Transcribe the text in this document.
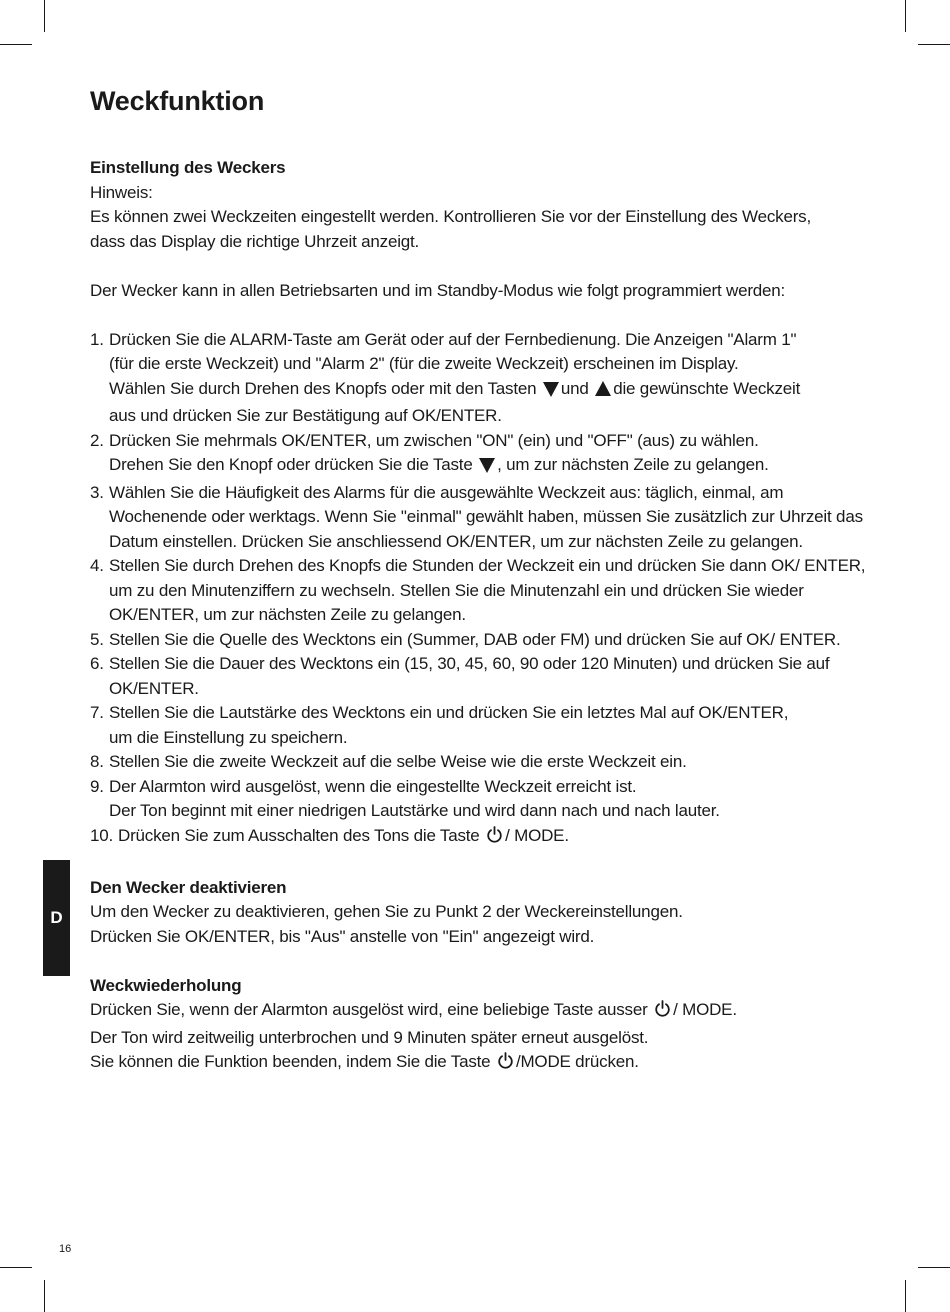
Weckfunktion

Einstellung des Weckers

Hinweis:

Es können zwei Weckzeiten eingestellt werden. Kontrollieren Sie vor der Einstellung des Weckers,

dass das Display die richtige Uhrzeit anzeigt.

Der Wecker kann in allen Betriebsarten und im Standby-Modus wie folgt programmiert werden:

1. Drücken Sie die ALARM-Taste am Gerät oder auf der Fernbedienung. Die Anzeigen "Alarm 1"
(für die erste Weckzeit) und "Alarm 2" (für die zweite Weckzeit) erscheinen im Display.
Wählen Sie durch Drehen des Knopfs oder mit den Tasten und die gewünschte Weckzeit
aus und drücken Sie zur Bestätigung auf OK/ENTER.
2. Drücken Sie mehrmals OK/ENTER, um zwischen "ON" (ein) und "OFF" (aus) zu wählen.
Drehen Sie den Knopf oder drücken Sie die Taste , um zur nächsten Zeile zu gelangen.
3. Wählen Sie die Häufigkeit des Alarms für die ausgewählte Weckzeit aus: täglich, einmal, am Wochenende oder werktags. Wenn Sie "einmal" gewählt haben, müssen Sie zusätzlich zur Uhrzeit das Datum einstellen. Drücken Sie anschliessend OK/ENTER, um zur nächsten Zeile zu gelangen.
4. Stellen Sie durch Drehen des Knopfs die Stunden der Weckzeit ein und drücken Sie dann OK/ ENTER, um zu den Minutenziffern zu wechseln. Stellen Sie die Minutenzahl ein und drücken Sie wieder OK/ENTER, um zur nächsten Zeile zu gelangen.
5. Stellen Sie die Quelle des Wecktons ein (Summer, DAB oder FM) und drücken Sie auf OK/ ENTER.
6. Stellen Sie die Dauer des Wecktons ein (15, 30, 45, 60, 90 oder 120 Minuten) und drücken Sie auf OK/ENTER.
7. Stellen Sie die Lautstärke des Wecktons ein und drücken Sie ein letztes Mal auf OK/ENTER,
um die Einstellung zu speichern.
8. Stellen Sie die zweite Weckzeit auf die selbe Weise wie die erste Weckzeit ein.
9. Der Alarmton wird ausgelöst, wenn die eingestellte Weckzeit erreicht ist.
Der Ton beginnt mit einer niedrigen Lautstärke und wird dann nach und nach lauter.
10. Drücken Sie zum Ausschalten des Tons die Taste / MODE.

Den Wecker deaktivieren

Um den Wecker zu deaktivieren, gehen Sie zu Punkt 2 der Weckereinstellungen.

Drücken Sie OK/ENTER, bis "Aus" anstelle von "Ein" angezeigt wird.

Weckwiederholung

Drücken Sie, wenn der Alarmton ausgelöst wird, eine beliebige Taste ausser / MODE.

Der Ton wird zeitweilig unterbrochen und 9 Minuten später erneut ausgelöst.

Sie können die Funktion beenden, indem Sie die Taste /MODE drücken.

D
16
